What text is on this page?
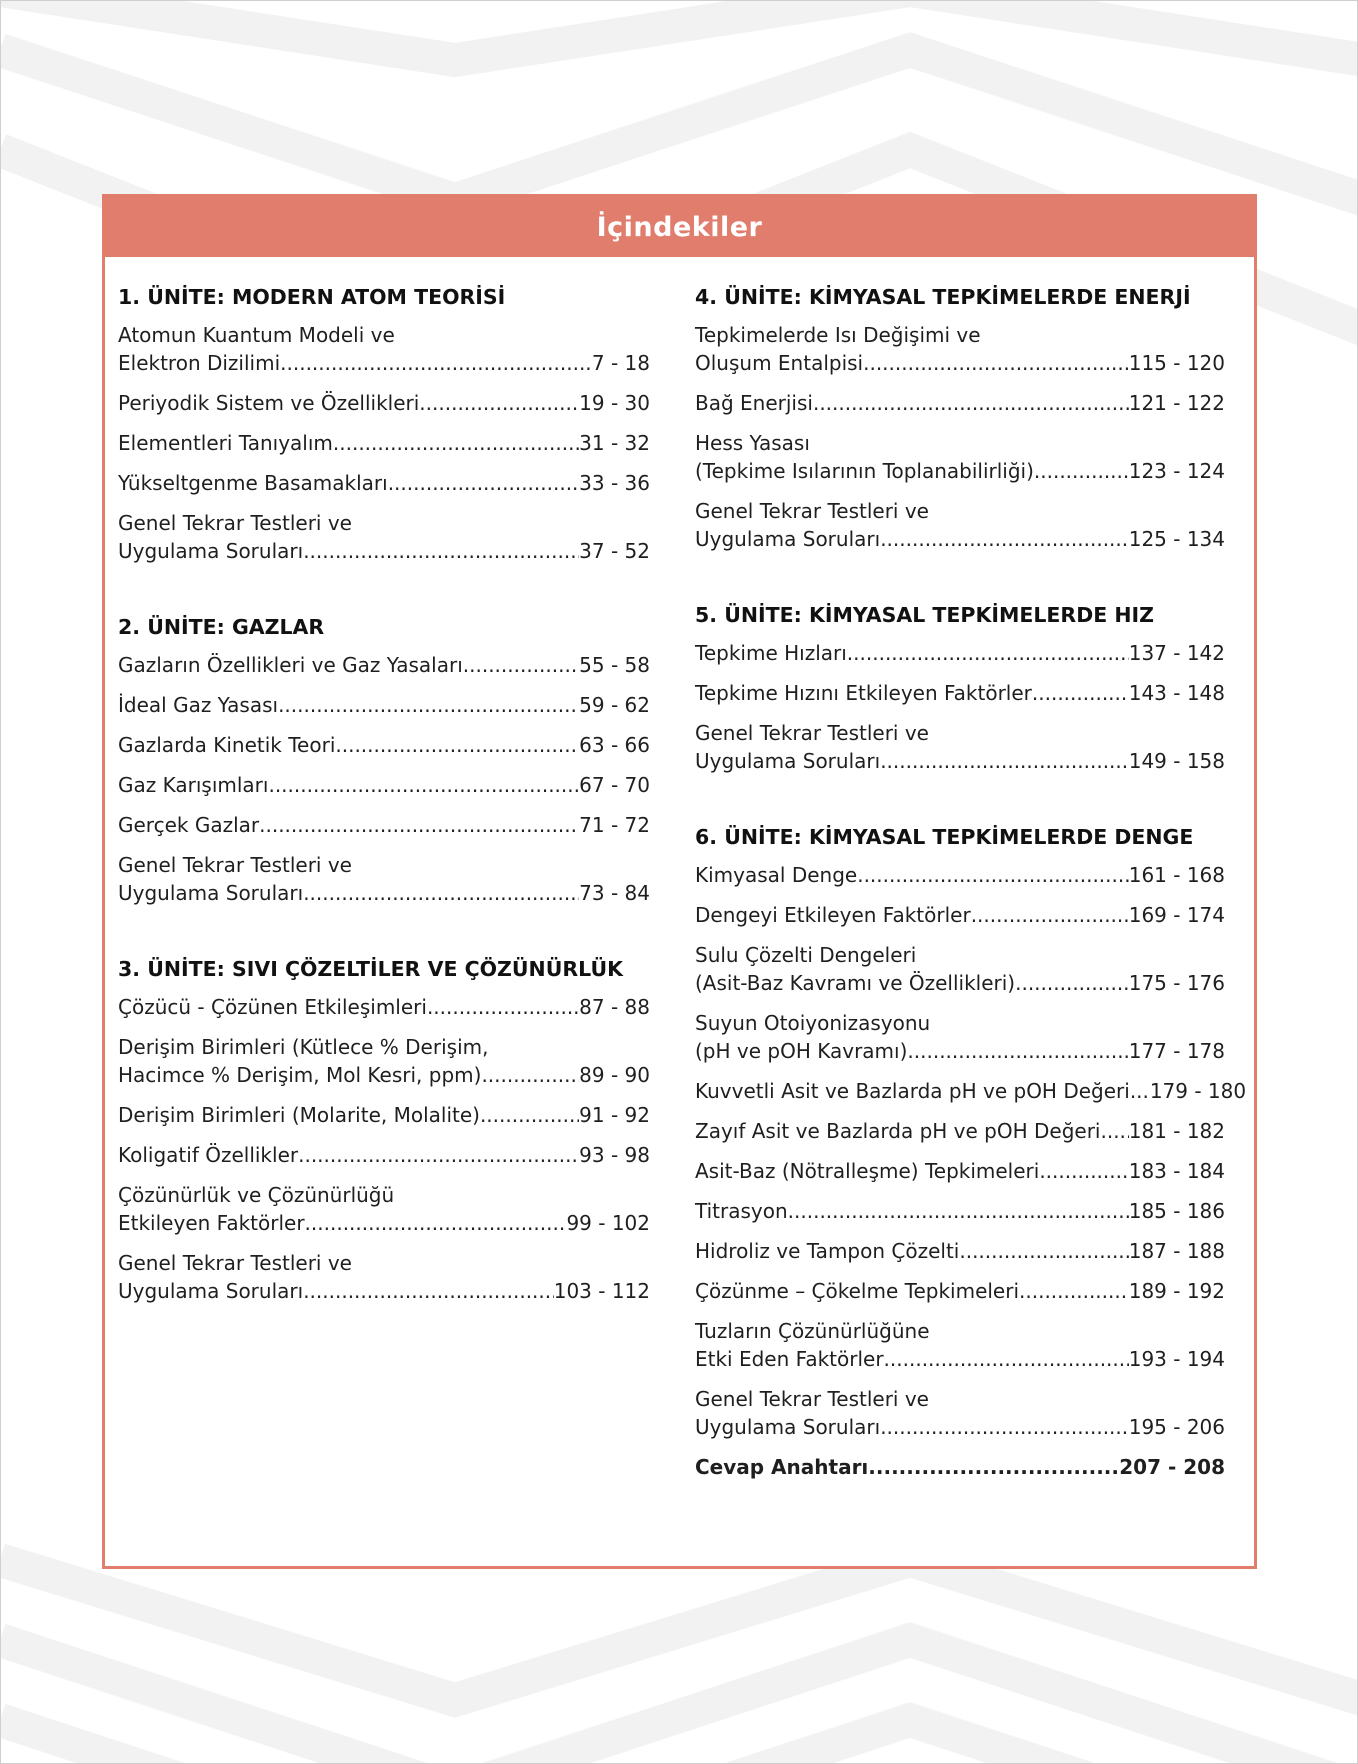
İçindekiler
1. ÜNİTE: MODERN ATOM TEORİSİ
Atomun Kuantum Modeli ve
Elektron Dizilimi .....	7 - 18
Periyodik Sistem ve Özellikleri .....	19 - 30
Elementleri Tanıyalım .....	31 - 32
Yükseltgenme Basamakları .....	33 - 36
Genel Tekrar Testleri ve
Uygulama Soruları .....	37 - 52
2. ÜNİTE: GAZLAR
Gazların Özellikleri ve Gaz Yasaları .....	55 - 58
İdeal Gaz Yasası .....	59 - 62
Gazlarda Kinetik Teori .....	63 - 66
Gaz Karışımları .....	67 - 70
Gerçek Gazlar .....	71 - 72
Genel Tekrar Testleri ve
Uygulama Soruları .....	73 - 84
3. ÜNİTE: SIVI ÇÖZELTİLER VE ÇÖZÜNÜRLÜK
Çözücü - Çözünen Etkileşimleri .....	87 - 88
Derişim Birimleri (Kütlece % Derişim,
Hacimce % Derişim, Mol Kesri, ppm) .....	89 - 90
Derişim Birimleri (Molarite, Molalite) .....	91 - 92
Koligatif Özellikler .....	93 - 98
Çözünürlük ve Çözünürlüğü
Etkileyen Faktörler .....	99 - 102
Genel Tekrar Testleri ve
Uygulama Soruları .....	103 - 112
4. ÜNİTE: KİMYASAL TEPKİMELERDE ENERJİ
Tepkimelerde Isı Değişimi ve
Oluşum Entalpisi .....	115 - 120
Bağ Enerjisi .....	121 - 122
Hess Yasası
(Tepkime Isılarının Toplanabilirliği) .....	123 - 124
Genel Tekrar Testleri ve
Uygulama Soruları .....	125 - 134
5. ÜNİTE: KİMYASAL TEPKİMELERDE HIZ
Tepkime Hızları .....	137 - 142
Tepkime Hızını Etkileyen Faktörler .....	143 - 148
Genel Tekrar Testleri ve
Uygulama Soruları .....	149 - 158
6. ÜNİTE: KİMYASAL TEPKİMELERDE DENGE
Kimyasal Denge .....	161 - 168
Dengeyi Etkileyen Faktörler .....	169 - 174
Sulu Çözelti Dengeleri
(Asit-Baz Kavramı ve Özellikleri) .....	175 - 176
Suyun Otoiyonizasyonu
(pH ve pOH Kavramı) .....	177 - 178
Kuvvetli Asit ve Bazlarda pH ve pOH Değeri ..... 179 - 180
Zayıf Asit ve Bazlarda pH ve pOH Değeri ..... 181 - 182
Asit-Baz (Nötralleşme) Tepkimeleri .....	183 - 184
Titrasyon .....	185 - 186
Hidroliz ve Tampon Çözelti .....	187 - 188
Çözünme – Çökelme Tepkimeleri .....	189 - 192
Tuzların Çözünürlüğüne
Etki Eden Faktörler .....	193 - 194
Genel Tekrar Testleri ve
Uygulama Soruları .....	195 - 206
Cevap Anahtarı .....	207 - 208
